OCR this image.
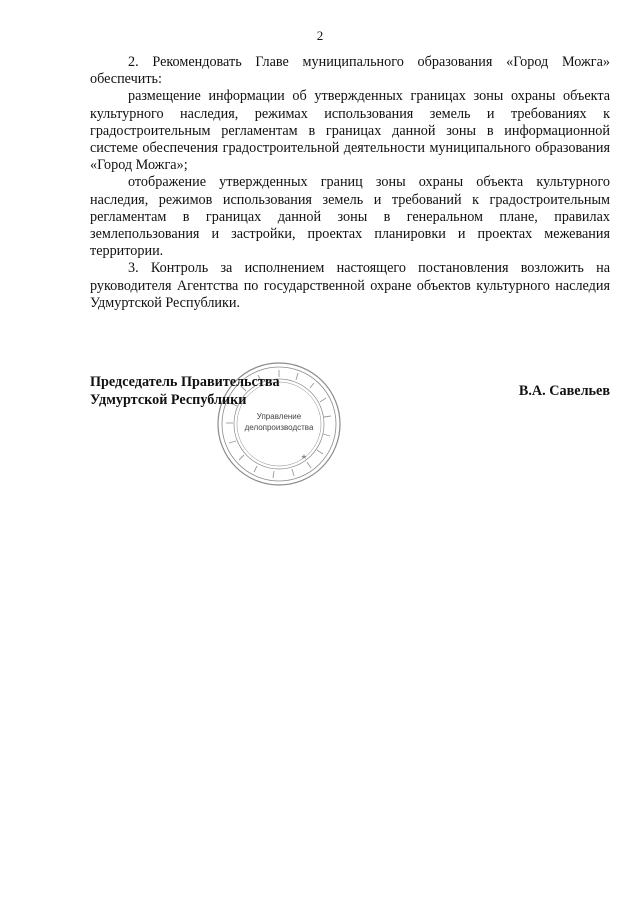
2

2. Рекомендовать Главе муниципального образования «Город Можга» обеспечить:

размещение информации об утвержденных границах зоны охраны объекта культурного наследия, режимах использования земель и требованиях к градостроительным регламентам в границах данной зоны в информационной системе обеспечения градостроительной деятельности муниципального образования «Город Можга»;

отображение утвержденных границ зоны охраны объекта культурного наследия, режимов использования земель и требований к градостроительным регламентам в границах данной зоны в генеральном плане, правилах землепользования и застройки, проектах планировки и проектах межевания территории.

3. Контроль за исполнением настоящего постановления возложить на руководителя Агентства по государственной охране объектов культурного наследия Удмуртской Республики.

Управление
делопроизводства
Председатель Правительства
Удмуртской Республики
В.А. Савельев
